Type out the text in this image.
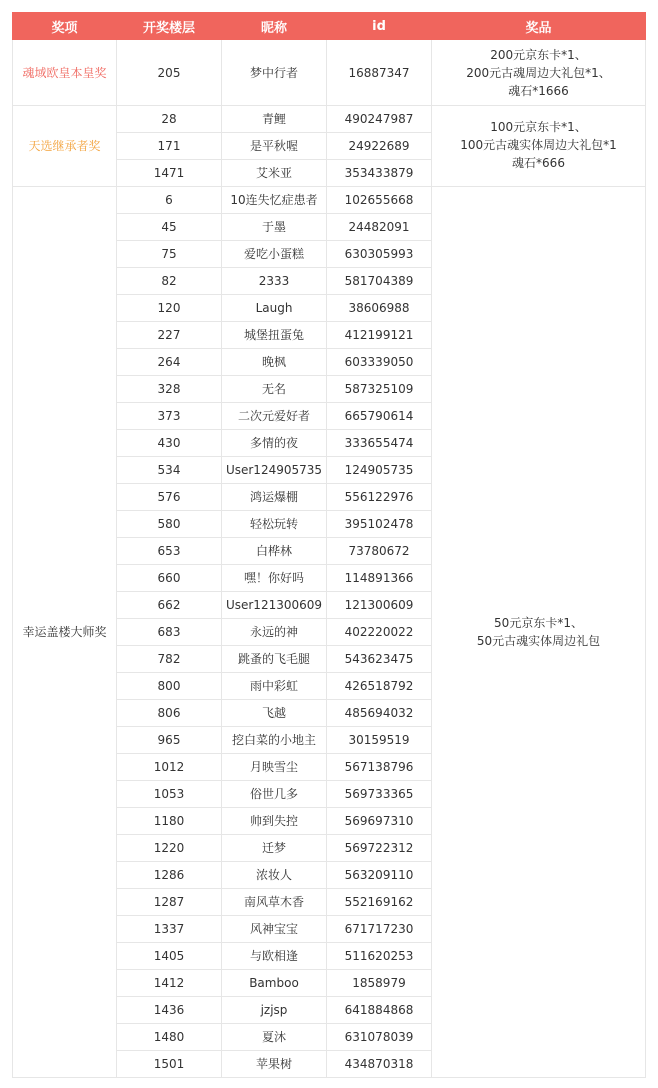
奖项	开奖楼层	昵称	id	奖品
魂域欧皇本皇奖	205	梦中行者	16887347	200元京东卡*1、
200元古魂周边大礼包*1、
魂石*1666

天选继承者奖	28	青鲤	490247987	100元京东卡*1、
100元古魂实体周边大礼包*1
魂石*666

	171	是平秋喔	24922689	
	1471	艾米亚	353433879	
幸运盖楼大师奖	6	10连失忆症患者	102655668	50元京东卡*1、
50元古魂实体周边礼包

	45	于墨	24482091	
	75	爱吃小蛋糕	630305993	
	82	2333	581704389	
	120	Laugh	38606988	
	227	城堡扭蛋兔	412199121	
	264	晚枫	603339050	
	328	无名	587325109	
	373	二次元爱好者	665790614	
	430	多情的夜	333655474	
	534	User124905735	124905735	
	576	鸿运爆棚	556122976	
	580	轻松玩转	395102478	
	653	白桦林	73780672	
	660	嘿！你好吗	114891366	
	662	User121300609	121300609	
	683	永远的神	402220022	
	782	跳蚤的飞毛腿	543623475	
	800	雨中彩虹	426518792	
	806	飞越	485694032	
	965	挖白菜的小地主	30159519	
	1012	月映雪尘	567138796	
	1053	俗世几多	569733365	
	1180	帅到失控	569697310	
	1220	迁梦	569722312	
	1286	浓妆人	563209110	
	1287	南风草木香	552169162	
	1337	风神宝宝	671717230	
	1405	与欧相逢	511620253	
	1412	Bamboo	1858979	
	1436	jzjsp	641884868	
	1480	夏沐	631078039	
	1501	苹果树	434870318	
